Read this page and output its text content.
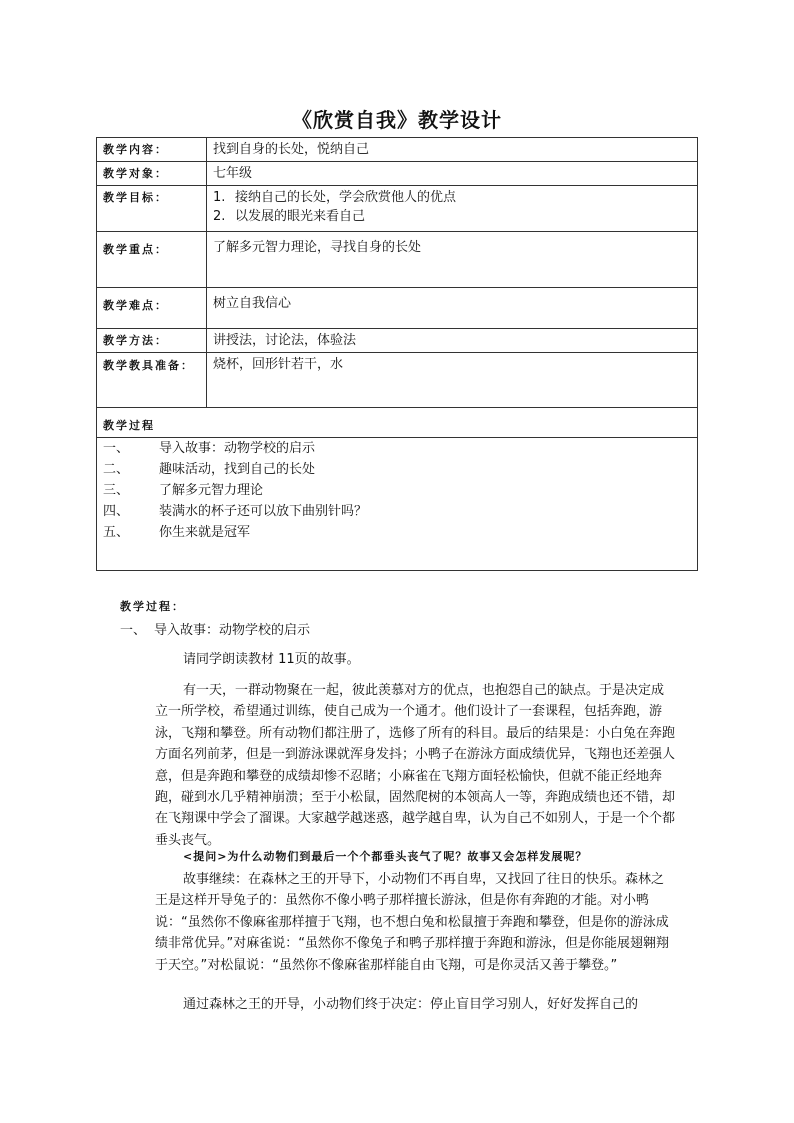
《欣赏自我》教学设计
教学内容：	找到自身的长处，悦纳自己
教学对象：	七年级
教学目标：	1. 接纳自己的长处，学会欣赏他人的优点
2. 以发展的眼光来看自己

教学重点：	了解多元智力理论，寻找自身的长处
教学难点：	树立自我信心
教学方法：	讲授法，讨论法，体验法
教学教具准备：	烧杯，回形针若干，水
教学过程	

一、 导入故事：动物学校的启示
二、 趣味活动，找到自己的长处
三、 了解多元智力理论
四、 装满水的杯子还可以放下曲别针吗？
五、 你生来就是冠军	
教学过程：
一、 导入故事：动物学校的启示
请同学朗读教材 11页的故事。
有一天，一群动物聚在一起，彼此羡慕对方的优点，也抱怨自己的缺点。于是决定成立一所学校，希望通过训练，使自己成为一个通才。他们设计了一套课程，包括奔跑，游泳，飞翔和攀登。所有动物们都注册了，选修了所有的科目。最后的结果是：小白兔在奔跑方面名列前茅，但是一到游泳课就浑身发抖；小鸭子在游泳方面成绩优异，飞翔也还差强人意，但是奔跑和攀登的成绩却惨不忍睹；小麻雀在飞翔方面轻松愉快，但就不能正经地奔跑，碰到水几乎精神崩溃；至于小松鼠，固然爬树的本领高人一等，奔跑成绩也还不错，却在飞翔课中学会了溜课。大家越学越迷惑，越学越自卑，认为自己不如别人，于是一个个都垂头丧气。
<提问>为什么动物们到最后一个个都垂头丧气了呢？故事又会怎样发展呢？
故事继续：在森林之王的开导下，小动物们不再自卑，又找回了往日的快乐。森林之王是这样开导兔子的：虽然你不像小鸭子那样擅长游泳，但是你有奔跑的才能。对小鸭说：“虽然你不像麻雀那样擅于飞翔，也不想白兔和松鼠擅于奔跑和攀登，但是你的游泳成绩非常优异。”对麻雀说：“虽然你不像兔子和鸭子那样擅于奔跑和游泳，但是你能展翅翱翔于天空。”对松鼠说：“虽然你不像麻雀那样能自由飞翔，可是你灵活又善于攀登。”
通过森林之王的开导，小动物们终于决定：停止盲目学习别人，好好发挥自己的
